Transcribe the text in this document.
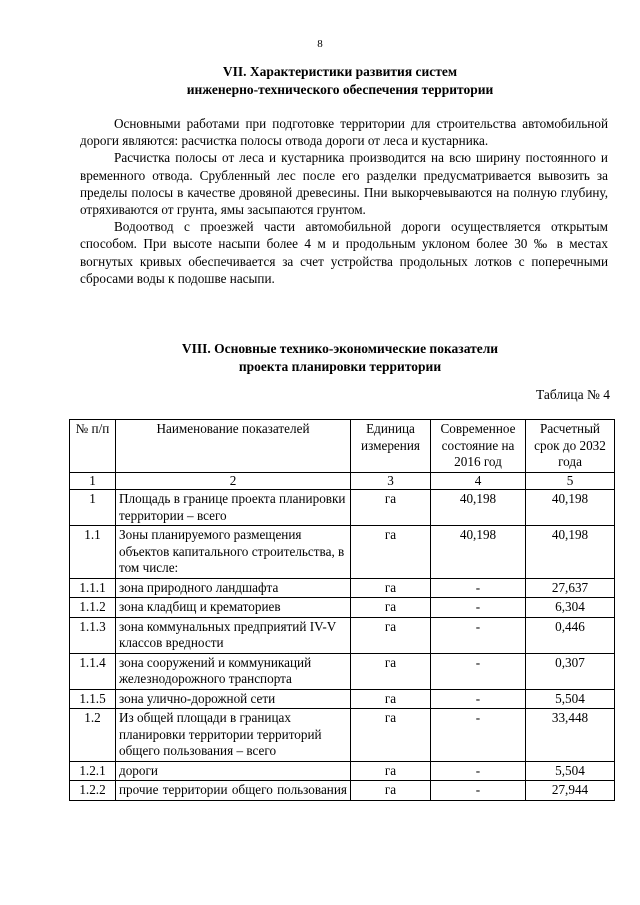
8
VII. Характеристики развития систем
инженерно-технического обеспечения территории

Основными работами при подготовке территории для строительства автомобильной дороги являются: расчистка полосы отвода дороги от леса и кустарника.

Расчистка полосы от леса и кустарника производится на всю ширину постоянного и временного отвода. Срубленный лес после его разделки предусматривается вывозить за пределы полосы в качестве дровяной древесины. Пни выкорчевываются на полную глубину, отряхиваются от грунта, ямы засыпаются грунтом.

Водоотвод с проезжей части автомобильной дороги осуществляется открытым способом. При высоте насыпи более 4 м и продольным уклоном более 30 ‰ в местах вогнутых кривых обеспечивается за счет устройства продольных лотков с поперечными сбросами воды к подошве насыпи.

VIII. Основные технико-экономические показатели
проекта планировки территории
Таблица № 4
№ п/п	Наименование показателей	Единица измерения	Современное состояние на 2016 год	Расчетный срок до 2032 года
1	2	3	4	5
1	Площадь в границе проекта планировки территории – всего	га	40,198	40,198
1.1	Зоны планируемого размещения объектов капитального строительства, в том числе:	га	40,198	40,198
1.1.1	зона природного ландшафта	га	-	27,637
1.1.2	зона кладбищ и крематориев	га	-	6,304
1.1.3	зона коммунальных предприятий IV-V классов вредности	га	-	0,446
1.1.4	зона сооружений и коммуникаций железнодорожного транспорта	га	-	0,307
1.1.5	зона улично-дорожной сети	га	-	5,504
1.2	Из общей площади в границах планировки территории территорий общего пользования – всего	га	-	33,448
1.2.1	дороги	га	-	5,504
1.2.2	прочие территории общего пользования	га	-	27,944
